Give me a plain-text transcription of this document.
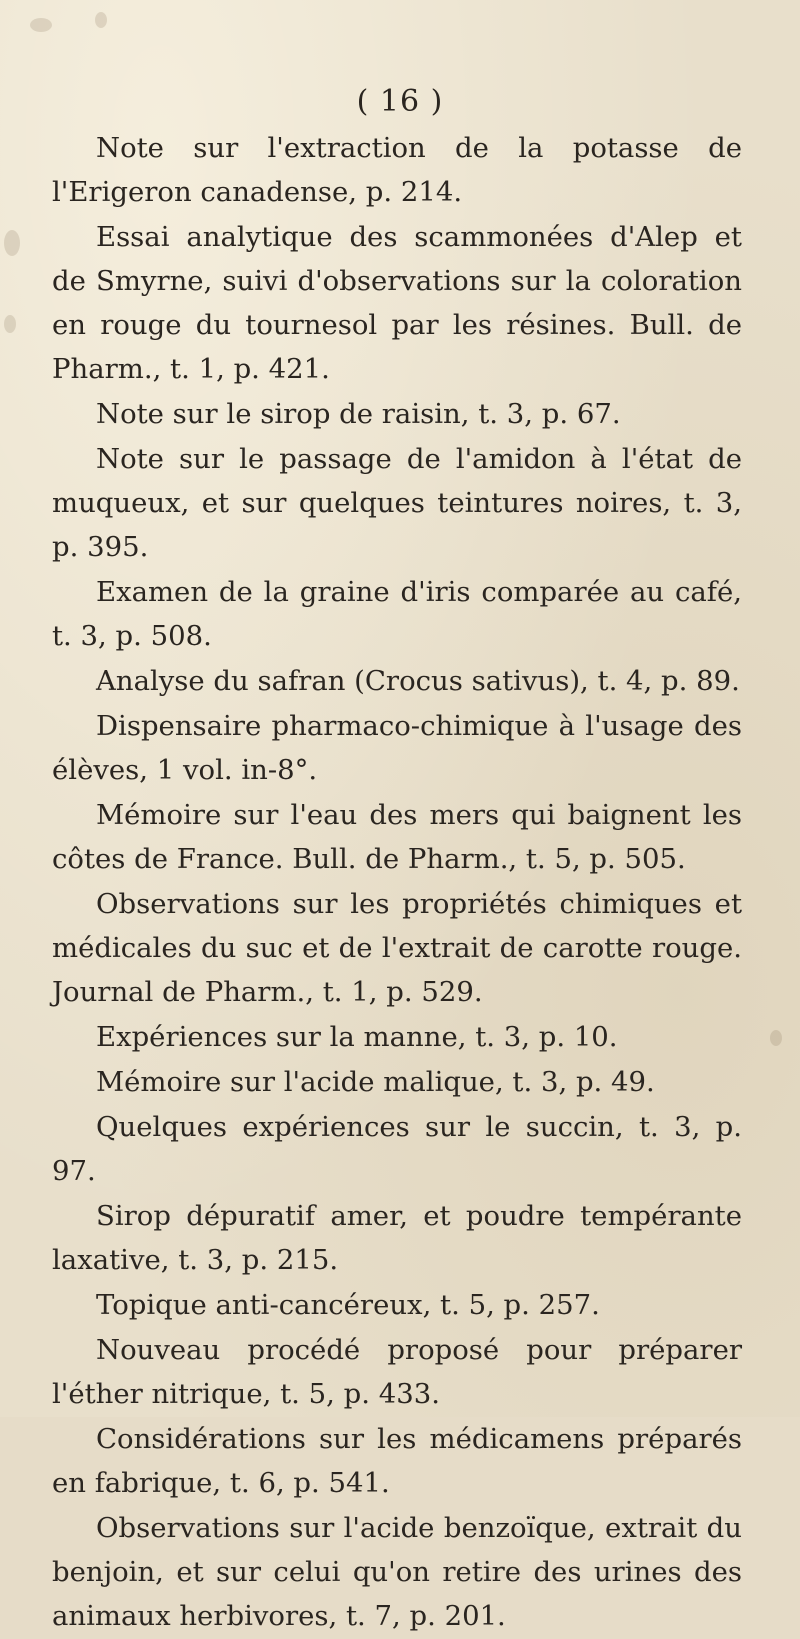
( 16 )

Note sur l'extraction de la potasse de l'Erigeron canadense, p. 214.

Essai analytique des scammonées d'Alep et de Smyrne, suivi d'observations sur la coloration en rouge du tournesol par les résines. Bull. de Pharm., t. 1, p. 421.

Note sur le sirop de raisin, t. 3, p. 67.

Note sur le passage de l'amidon à l'état de muqueux, et sur quelques teintures noires, t. 3, p. 395.

Examen de la graine d'iris comparée au café, t. 3, p. 508.

Analyse du safran (Crocus sativus), t. 4, p. 89.

Dispensaire pharmaco-chimique à l'usage des élèves, 1 vol. in-8°.

Mémoire sur l'eau des mers qui baignent les côtes de France. Bull. de Pharm., t. 5, p. 505.

Observations sur les propriétés chimiques et médicales du suc et de l'extrait de carotte rouge. Journal de Pharm., t. 1, p. 529.

Expériences sur la manne, t. 3, p. 10.

Mémoire sur l'acide malique, t. 3, p. 49.

Quelques expériences sur le succin, t. 3, p. 97.

Sirop dépuratif amer, et poudre tempérante laxative, t. 3, p. 215.

Topique anti-cancéreux, t. 5, p. 257.

Nouveau procédé proposé pour préparer l'éther nitrique, t. 5, p. 433.

Considérations sur les médicamens préparés en fabrique, t. 6, p. 541.

Observations sur l'acide benzoïque, extrait du benjoin, et sur celui qu'on retire des urines des animaux herbivores, t. 7, p. 201.
